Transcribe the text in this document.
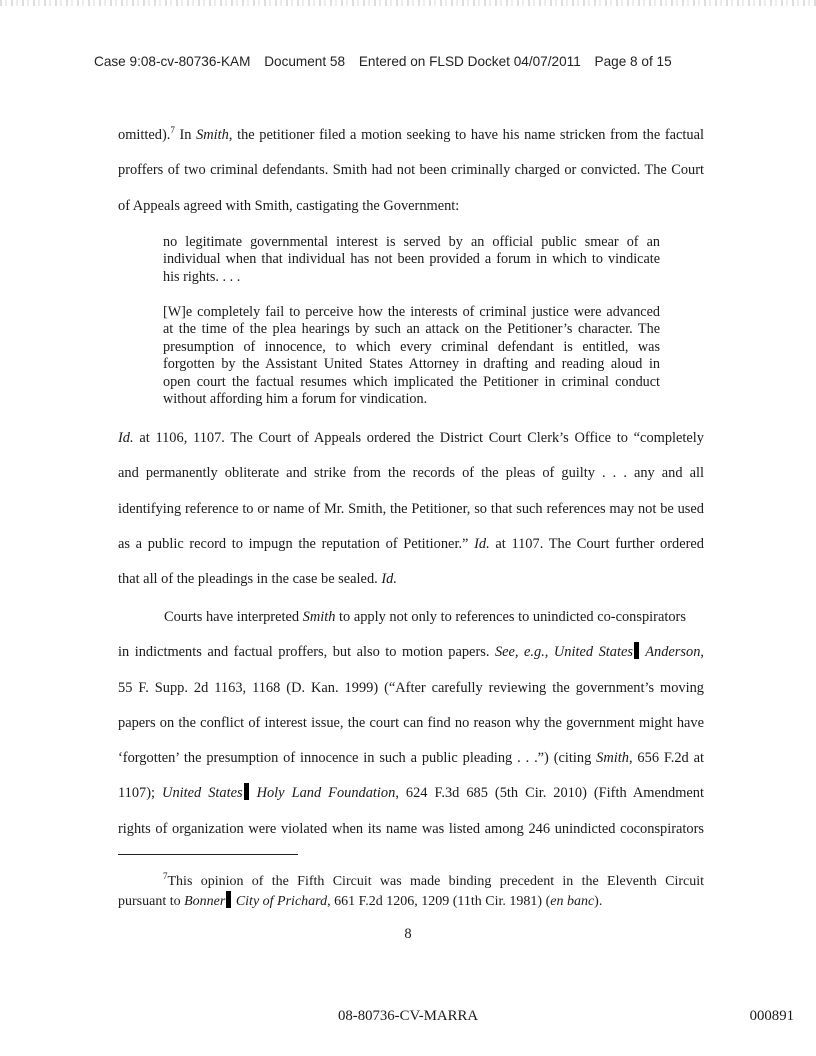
Case 9:08-cv-80736-KAM Document 58 Entered on FLSD Docket 04/07/2011 Page 8 of 15
omitted).$^7$ In Smith, the petitioner filed a motion seeking to have his name stricken from the factual
proffers of two criminal defendants. Smith had not been criminally charged or convicted. The Court
of Appeals agreed with Smith, castigating the Government:
no legitimate governmental interest is served by an official public smear of an
individual when that individual has not been provided a forum in which to vindicate
his rights. . . .
[W]e completely fail to perceive how the interests of criminal justice were advanced
at the time of the plea hearings by such an attack on the Petitioner’s character. The
presumption of innocence, to which every criminal defendant is entitled, was
forgotten by the Assistant United States Attorney in drafting and reading aloud in
open court the factual resumes which implicated the Petitioner in criminal conduct
without affording him a forum for vindication.
Id. at 1106, 1107. The Court of Appeals ordered the District Court Clerk’s Office to “completely
and permanently obliterate and strike from the records of the pleas of guilty . . . any and all
identifying reference to or name of Mr. Smith, the Petitioner, so that such references may not be used
as a public record to impugn the reputation of Petitioner.” Id. at 1107. The Court further ordered
that all of the pleadings in the case be sealed. Id.
Courts have interpreted Smith to apply not only to references to unindicted co-conspirators
in indictments and factual proffers, but also to motion papers. See, e.g., United States Anderson,
55 F. Supp. 2d 1163, 1168 (D. Kan. 1999) (“After carefully reviewing the government’s moving
papers on the conflict of interest issue, the court can find no reason why the government might have
‘forgotten’ the presumption of innocence in such a public pleading . . .”) (citing Smith, 656 F.2d at
1107); United States Holy Land Foundation, 624 F.3d 685 (5th Cir. 2010) (Fifth Amendment
rights of organization were violated when its name was listed among 246 unindicted coconspirators
$^7$This opinion of the Fifth Circuit was made binding precedent in the Eleventh Circuit
pursuant to Bonner City of Prichard, 661 F.2d 1206, 1209 (11th Cir. 1981) (en banc).
8
08-80736-CV-MARRA	000891
